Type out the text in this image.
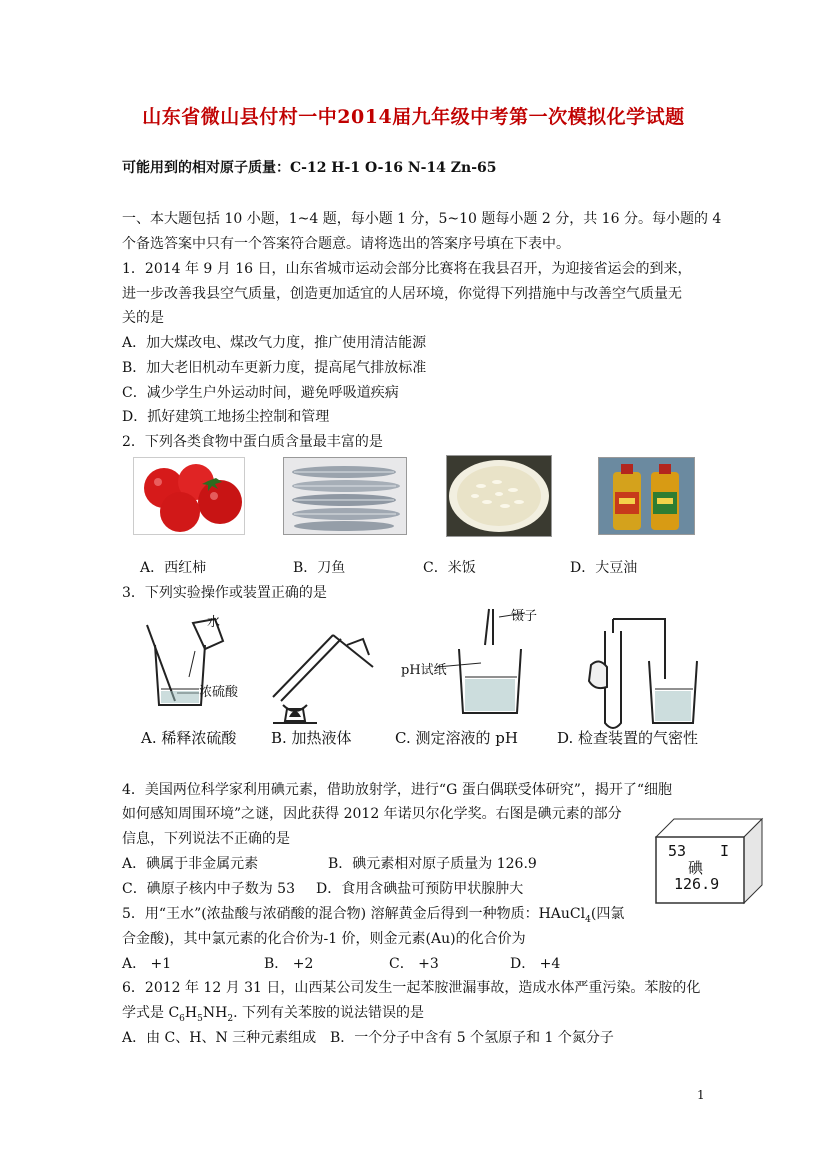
山东省微山县付村一中2014届九年级中考第一次模拟化学试题
可能用到的相对原子质量：C-12 H-1 O-16 N-14 Zn-65
一、本大题包括 10 小题，1~4 题，每小题 1 分，5~10 题每小题 2 分，共 16 分。每小题的 4
个备选答案中只有一个答案符合题意。请将选出的答案序号填在下表中。
1．2014 年 9 月 16 日，山东省城市运动会部分比赛将在我县召开，为迎接省运会的到来，
进一步改善我县空气质量，创造更加适宜的人居环境，你觉得下列措施中与改善空气质量无
关的是
A．加大煤改电、煤改气力度，推广使用清洁能源
B．加大老旧机动车更新力度，提高尾气排放标准
C．减少学生户外运动时间，避免呼吸道疾病
D．抓好建筑工地扬尘控制和管理
2．下列各类食物中蛋白质含量最丰富的是
A．西红柿	B．刀鱼	C．米饭	D．大豆油
3．下列实验操作或装置正确的是
水
浓硫酸
镊子
pH试纸
A. 稀释浓硫酸 B. 加热液体	C. 测定溶液的 pH	D. 检查装置的气密性
4．美国两位科学家利用碘元素，借助放射学，进行“G 蛋白偶联受体研究”，揭开了“细胞
如何感知周围环境”之谜，因此获得 2012 年诺贝尔化学奖。右图是碘元素的部分
信息，下列说法不正确的是
A．碘属于非金属元素	B．碘元素相对原子质量为 126.9
C．碘原子核内中子数为 53 D．食用含碘盐可预防甲状腺肿大
53 I
碘
126.9
5．用“王水”(浓盐酸与浓硝酸的混合物) 溶解黄金后得到一种物质：HAuCl$_4$(四氯
合金酸)，其中氯元素的化合价为-1 价，则金元素(Au)的化合价为
A． +1	B． +2	C． +3	D． +4
6．2012 年 12 月 31 日，山西某公司发生一起苯胺泄漏事故，造成水体严重污染。苯胺的化
学式是 $C_6H_5NH_2$. 下列有关苯胺的说法错误的是
A．由 C、H、N 三种元素组成 B．一个分子中含有 5 个氢原子和 1 个氮分子
1
